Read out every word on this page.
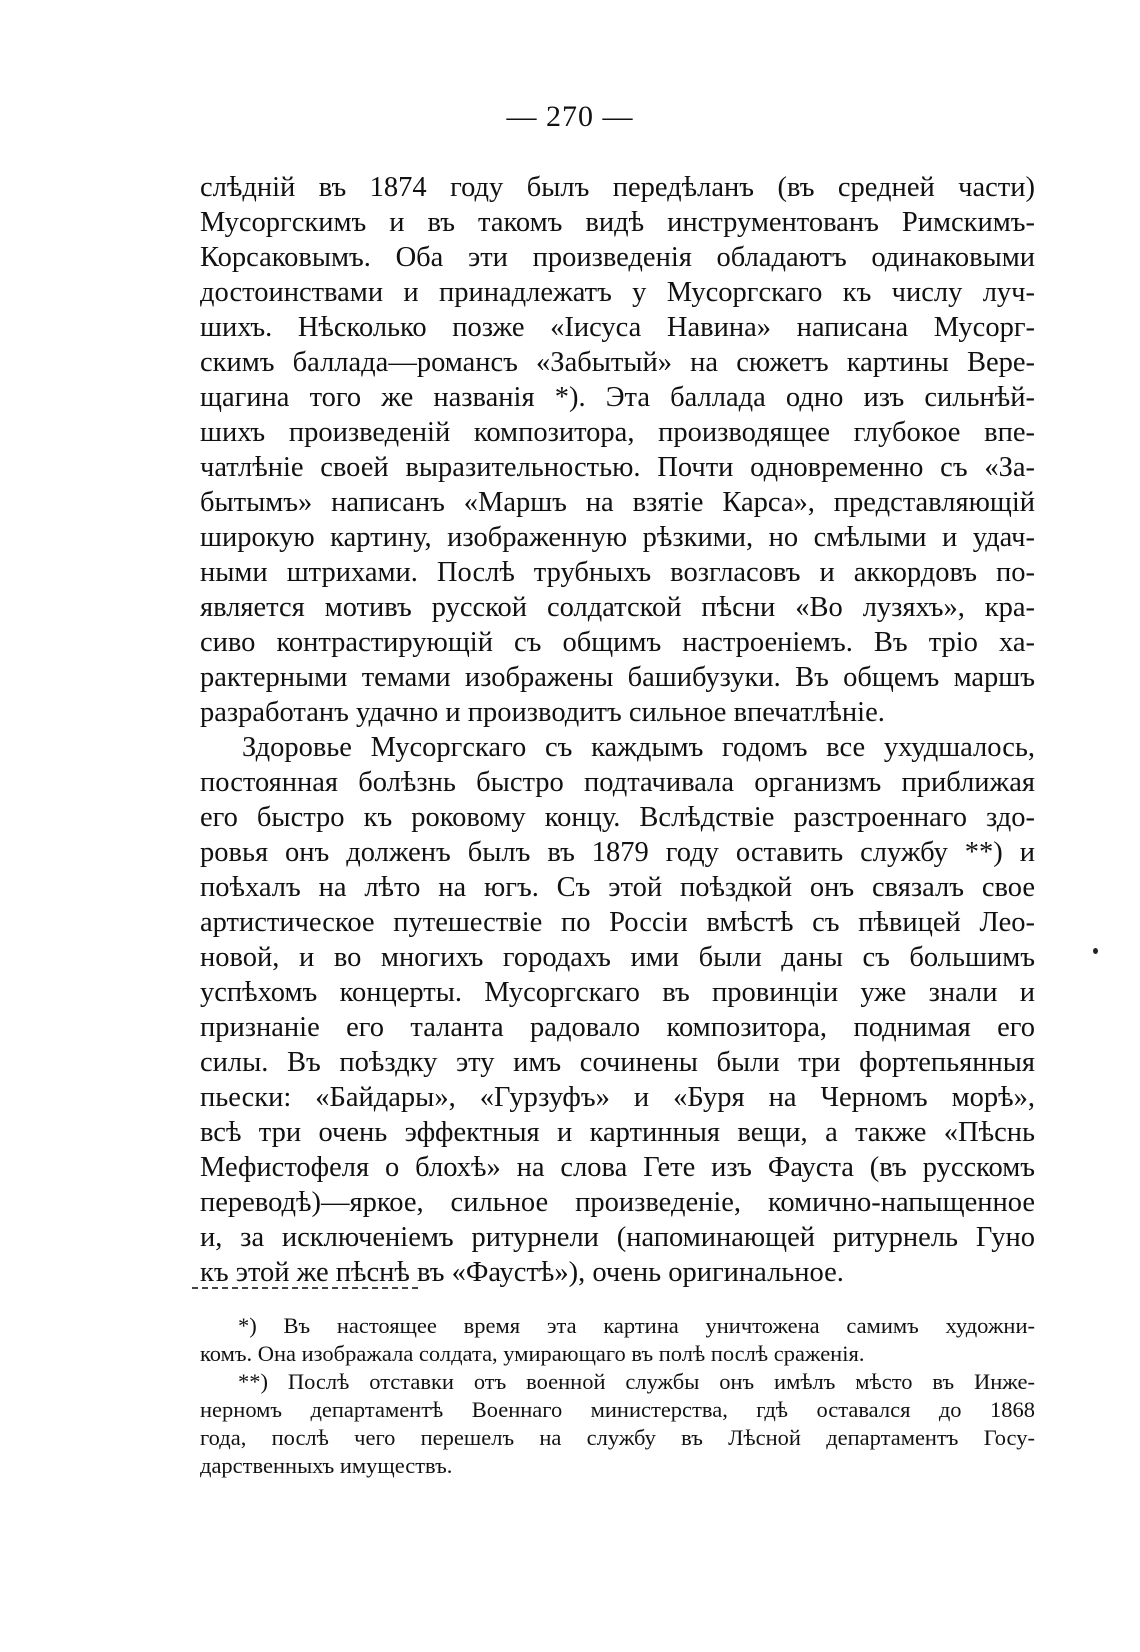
— 270 —
слѣдній въ 1874 году былъ передѣланъ (въ средней части)
Мусоргскимъ и въ такомъ видѣ инструментованъ Римскимъ-
Корсаковымъ. Оба эти произведенія обладаютъ одинаковыми
достоинствами и принадлежатъ у Мусоргскаго къ числу луч-
шихъ. Нѣсколько позже «Іисуса Навина» написана Мусорг-
скимъ баллада—романсъ «Забытый» на сюжетъ картины Вере-
щагина того же названія *). Эта баллада одно изъ сильнѣй-
шихъ произведеній композитора, производящее глубокое впе-
чатлѣніе своей выразительностью. Почти одновременно съ «За-
бытымъ» написанъ «Маршъ на взятіе Карса», представляющій
широкую картину, изображенную рѣзкими, но смѣлыми и удач-
ными штрихами. Послѣ трубныхъ возгласовъ и аккордовъ по-
является мотивъ русской солдатской пѣсни «Во лузяхъ», кра-
сиво контрастирующій съ общимъ настроеніемъ. Въ тріо ха-
рактерными темами изображены башибузуки. Въ общемъ маршъ
разработанъ удачно и производитъ сильное впечатлѣніе.
Здоровье Мусоргскаго съ каждымъ годомъ все ухудшалось,
постоянная болѣзнь быстро подтачивала организмъ приближая
его быстро къ роковому концу. Вслѣдствіе разстроеннаго здо-
ровья онъ долженъ былъ въ 1879 году оставить службу **) и
поѣхалъ на лѣто на югъ. Съ этой поѣздкой онъ связалъ свое
артистическое путешествіе по Россіи вмѣстѣ съ пѣвицей Лео-
новой, и во многихъ городахъ ими были даны съ большимъ
успѣхомъ концерты. Мусоргскаго въ провинціи уже знали и
признаніе его таланта радовало композитора, поднимая его
силы. Въ поѣздку эту имъ сочинены были три фортепьянныя
пьески: «Байдары», «Гурзуфъ» и «Буря на Черномъ морѣ»,
всѣ три очень эффектныя и картинныя вещи, а также «Пѣснь
Мефистофеля о блохѣ» на слова Гете изъ Фауста (въ русскомъ
переводѣ)—яркое, сильное произведеніе, комично-напыщенное
и, за исключеніемъ ритурнели (напоминающей ритурнель Гуно
къ этой же пѣснѣ въ «Фаустѣ»), очень оригинальное.
*) Въ настоящее время эта картина уничтожена самимъ художни-
комъ. Она изображала солдата, умирающаго въ полѣ послѣ сраженія.
**) Послѣ отставки отъ военной службы онъ имѣлъ мѣсто въ Инже-
нерномъ департаментѣ Военнаго министерства, гдѣ оставался до 1868
года, послѣ чего перешелъ на службу въ Лѣсной департаментъ Госу-
дарственныхъ имуществъ.
